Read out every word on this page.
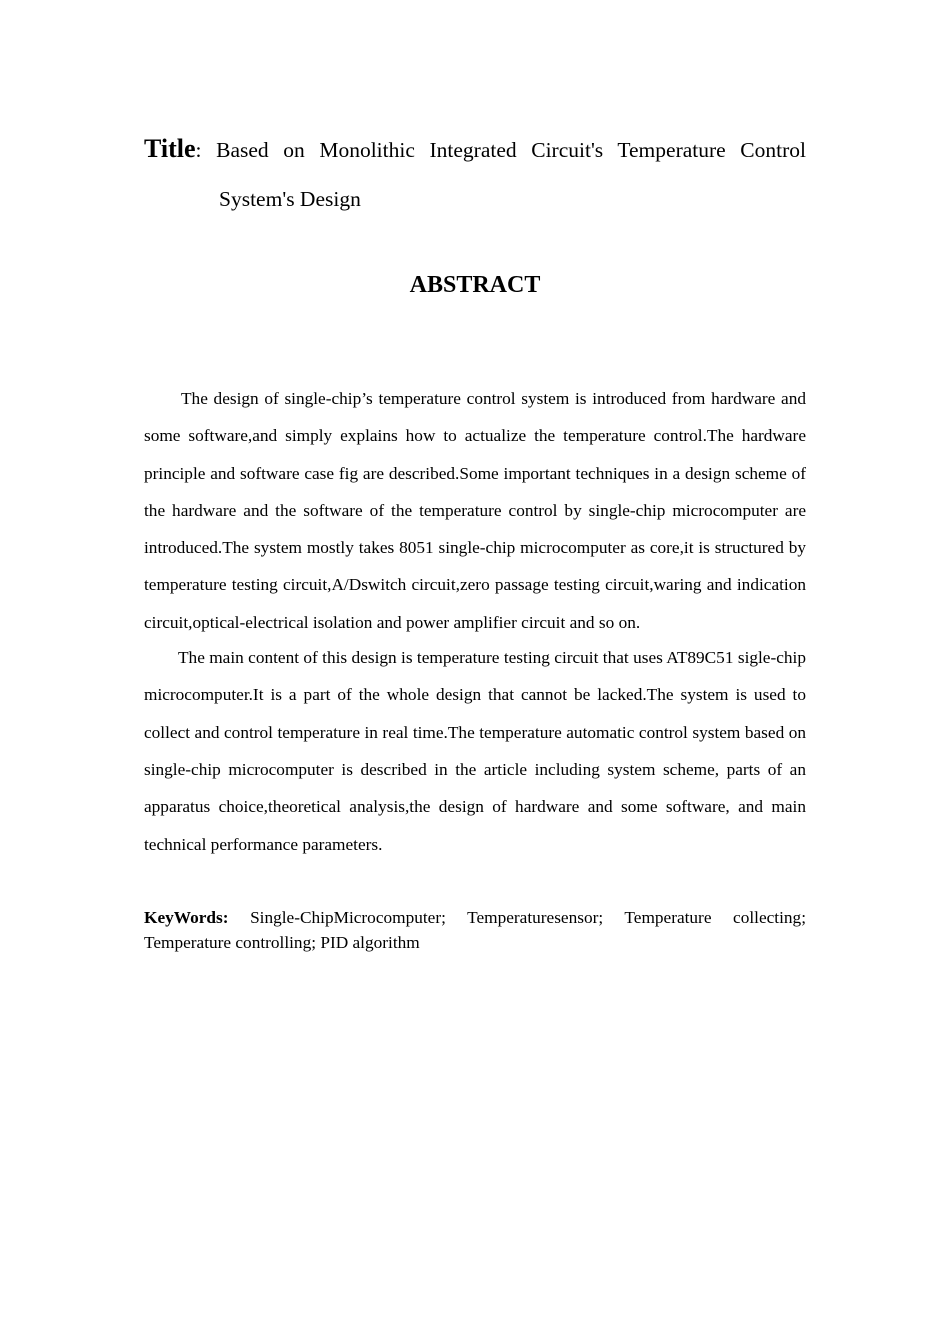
Title: Based on Monolithic Integrated Circuit's Temperature Control
System's Design
ABSTRACT

The design of single-chip’s temperature control system is introduced from hardware and some software,and simply explains how to actualize the temperature control.The hardware principle and software case fig are described.Some important techniques in a design scheme of the hardware and the software of the temperature control by single-chip microcomputer are introduced.The system mostly takes 8051 single-chip microcomputer as core,it is structured by temperature testing circuit,A/Dswitch circuit,zero passage testing circuit,waring and indication circuit,optical-electrical isolation and power amplifier circuit and so on.

The main content of this design is temperature testing circuit that uses AT89C51 sigle-chip microcomputer.It is a part of the whole design that cannot be lacked.The system is used to collect and control temperature in real time.The temperature automatic control system based on single-chip microcomputer is described in the article including system scheme, parts of an apparatus choice,theoretical analysis,the design of hardware and some software, and main technical performance parameters.

KeyWords: Single-ChipMicrocomputer; Temperaturesensor; Temperature collecting; Temperature controlling; PID algorithm
